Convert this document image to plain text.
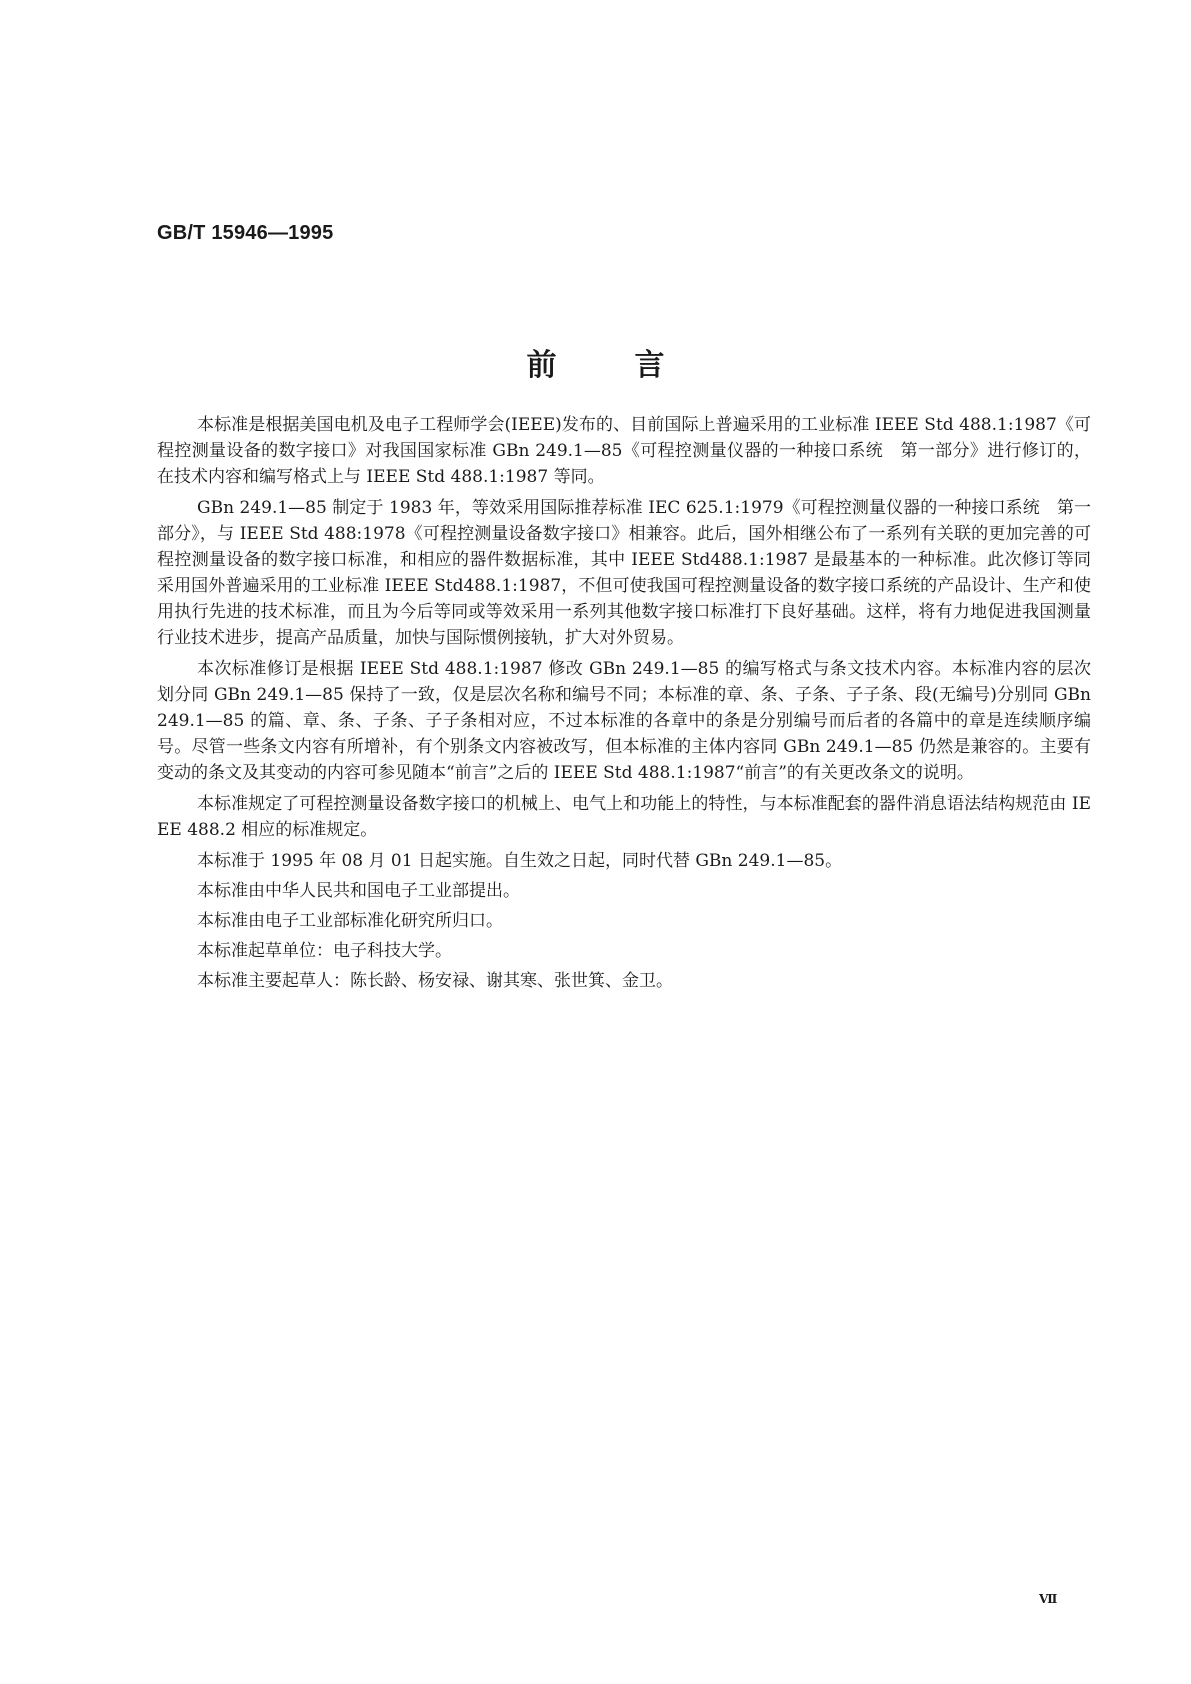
GB/T 15946—1995
前言

本标准是根据美国电机及电子工程师学会(IEEE)发布的、目前国际上普遍采用的工业标准 IEEE Std 488.1:1987《可程控测量设备的数字接口》对我国国家标准 GBn 249.1—85《可程控测量仪器的一种接口系统　第一部分》进行修订的，在技术内容和编写格式上与 IEEE Std 488.1:1987 等同。

GBn 249.1—85 制定于 1983 年，等效采用国际推荐标准 IEC 625.1:1979《可程控测量仪器的一种接口系统　第一部分》，与 IEEE Std 488:1978《可程控测量设备数字接口》相兼容。此后，国外相继公布了一系列有关联的更加完善的可程控测量设备的数字接口标准，和相应的器件数据标准，其中 IEEE Std488.1:1987 是最基本的一种标准。此次修订等同采用国外普遍采用的工业标准 IEEE Std488.1:1987，不但可使我国可程控测量设备的数字接口系统的产品设计、生产和使用执行先进的技术标准，而且为今后等同或等效采用一系列其他数字接口标准打下良好基础。这样，将有力地促进我国测量行业技术进步，提高产品质量，加快与国际惯例接轨，扩大对外贸易。

本次标准修订是根据 IEEE Std 488.1:1987 修改 GBn 249.1—85 的编写格式与条文技术内容。本标准内容的层次划分同 GBn 249.1—85 保持了一致，仅是层次名称和编号不同；本标准的章、条、子条、子子条、段(无编号)分别同 GBn 249.1—85 的篇、章、条、子条、子子条相对应，不过本标准的各章中的条是分别编号而后者的各篇中的章是连续顺序编号。尽管一些条文内容有所增补，有个别条文内容被改写，但本标准的主体内容同 GBn 249.1—85 仍然是兼容的。主要有变动的条文及其变动的内容可参见随本“前言”之后的 IEEE Std 488.1:1987“前言”的有关更改条文的说明。

本标准规定了可程控测量设备数字接口的机械上、电气上和功能上的特性，与本标准配套的器件消息语法结构规范由 IEEE 488.2 相应的标准规定。

本标准于 1995 年 08 月 01 日起实施。自生效之日起，同时代替 GBn 249.1—85。

本标准由中华人民共和国电子工业部提出。

本标准由电子工业部标准化研究所归口。

本标准起草单位：电子科技大学。

本标准主要起草人：陈长龄、杨安禄、谢其寒、张世箕、金卫。

Ⅶ
